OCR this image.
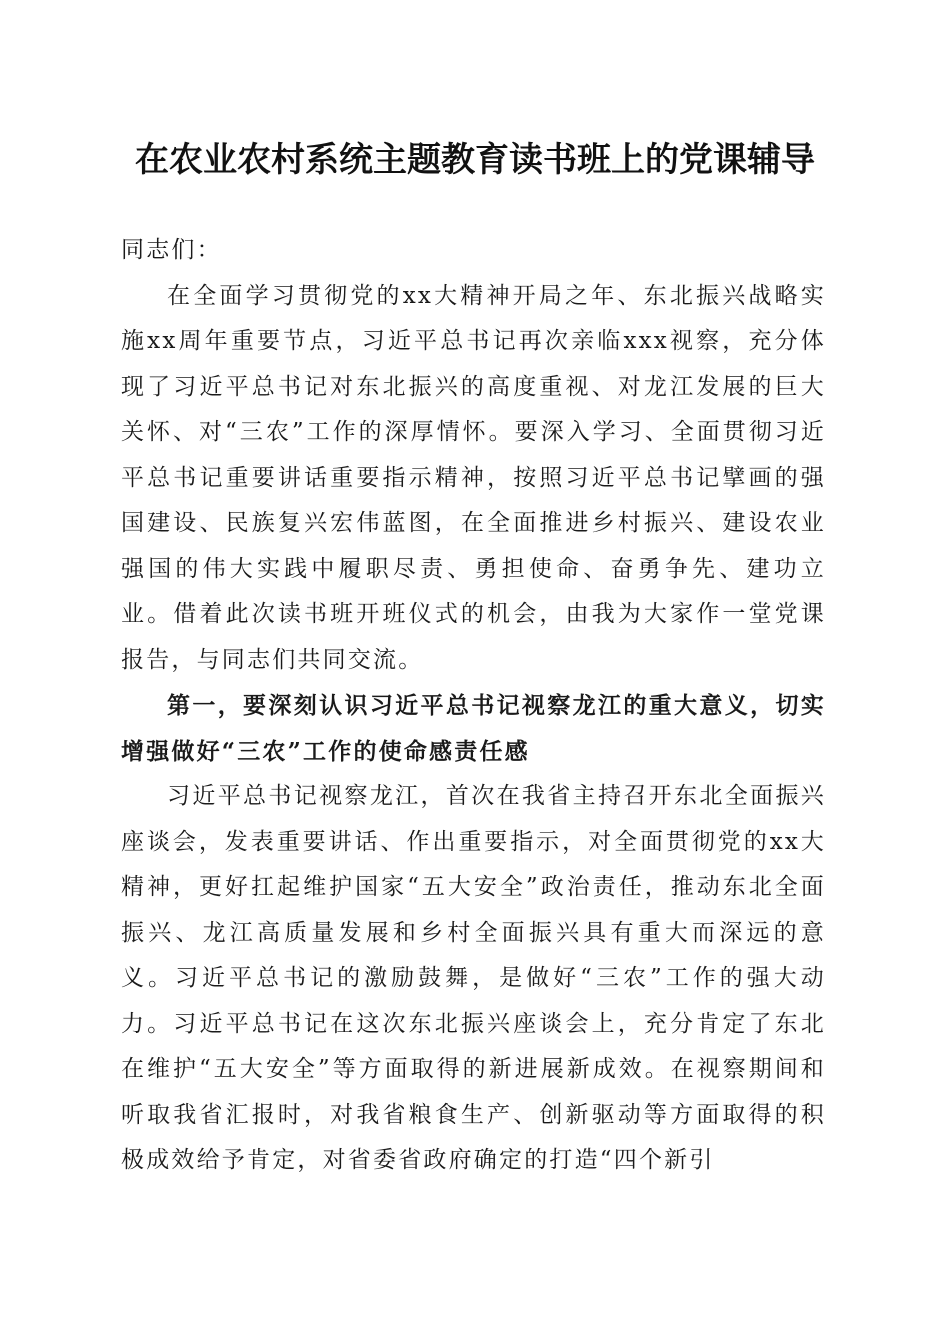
在农业农村系统主题教育读书班上的党课辅导

同志们：

在全面学习贯彻党的xx大精神开局之年、东北振兴战略实施xx周年重要节点，习近平总书记再次亲临xxx视察，充分体现了习近平总书记对东北振兴的高度重视、对龙江发展的巨大关怀、对“三农”工作的深厚情怀。要深入学习、全面贯彻习近平总书记重要讲话重要指示精神，按照习近平总书记擘画的强国建设、民族复兴宏伟蓝图，在全面推进乡村振兴、建设农业强国的伟大实践中履职尽责、勇担使命、奋勇争先、建功立业。借着此次读书班开班仪式的机会，由我为大家作一堂党课报告，与同志们共同交流。

第一，要深刻认识习近平总书记视察龙江的重大意义，切实增强做好“三农”工作的使命感责任感

习近平总书记视察龙江，首次在我省主持召开东北全面振兴座谈会，发表重要讲话、作出重要指示，对全面贯彻党的xx大精神，更好扛起维护国家“五大安全”政治责任，推动东北全面振兴、龙江高质量发展和乡村全面振兴具有重大而深远的意义。习近平总书记的激励鼓舞，是做好“三农”工作的强大动力。习近平总书记在这次东北振兴座谈会上，充分肯定了东北在维护“五大安全”等方面取得的新进展新成效。在视察期间和听取我省汇报时，对我省粮食生产、创新驱动等方面取得的积极成效给予肯定，对省委省政府确定的打造“四个新引
